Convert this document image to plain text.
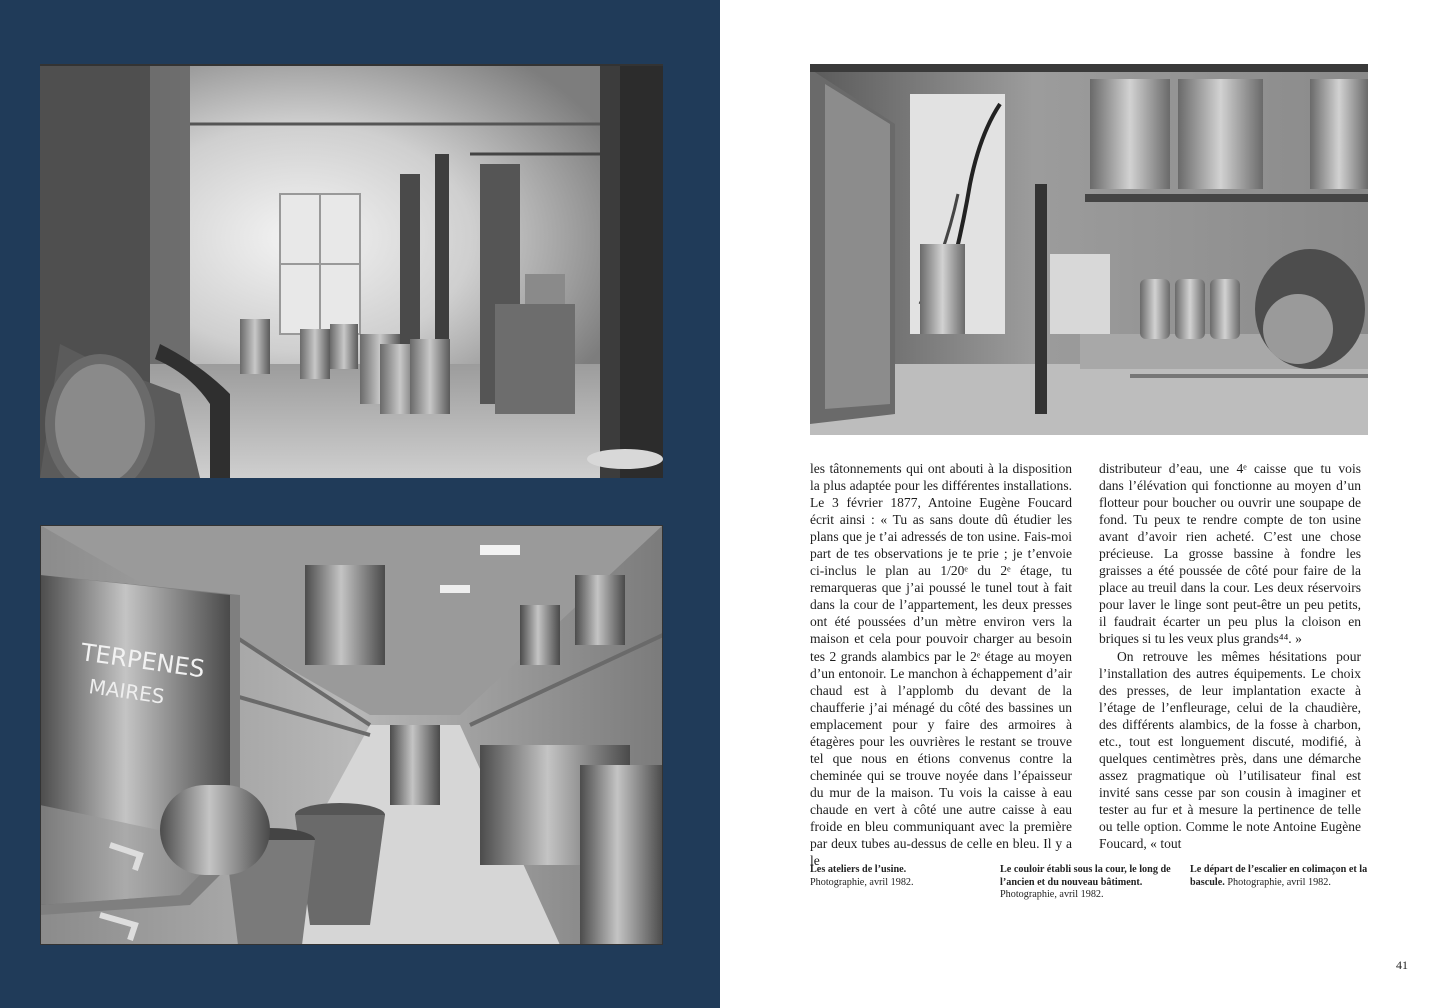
TERPENES
MAIRES

les tâtonnements qui ont abouti à la disposition la plus adaptée pour les différentes installations. Le 3 février 1877, Antoine Eugène Foucard écrit ainsi : « Tu as sans doute dû étudier les plans que je t’ai adressés de ton usine. Fais-moi part de tes observations je te prie ; je t’envoie ci-inclus le plan au 1/20ᵉ du 2ᵉ étage, tu remarqueras que j’ai poussé le tunel tout à fait dans la cour de l’appartement, les deux presses ont été poussées d’un mètre environ vers la maison et cela pour pouvoir charger au besoin tes 2 grands alambics par le 2ᵉ étage au moyen d’un entonoir. Le manchon à échappement d’air chaud est à l’applomb du devant de la chaufferie j’ai ménagé du côté des bassines un emplacement pour y faire des armoires à étagères pour les ouvrières le restant se trouve tel que nous en étions convenus contre la cheminée qui se trouve noyée dans l’épaisseur du mur de la maison. Tu vois la caisse à eau chaude en vert à côté une autre caisse à eau froide en bleu communiquant avec la première par deux tubes au-dessus de celle en bleu. Il y a le

distributeur d’eau, une 4ᵉ caisse que tu vois dans l’élévation qui fonctionne au moyen d’un flotteur pour boucher ou ouvrir une soupape de fond. Tu peux te rendre compte de ton usine avant d’avoir rien acheté. C’est une chose précieuse. La grosse bassine à fondre les graisses a été poussée de côté pour faire de la place au treuil dans la cour. Les deux réservoirs pour laver le linge sont peut-être un peu petits, il faudrait écarter un peu plus la cloison en briques si tu les veux plus grands⁴⁴. »

On retrouve les mêmes hésitations pour l’installation des autres équipements. Le choix des presses, de leur implantation exacte à l’étage de l’enfleurage, celui de la chaudière, des différents alambics, de la fosse à charbon, etc., tout est longuement discuté, modifié, à quelques centimètres près, dans une démarche assez pragmatique où l’utilisateur final est invité sans cesse par son cousin à imaginer et tester au fur et à mesure la pertinence de telle ou telle option. Comme le note Antoine Eugène Foucard, « tout

Les ateliers de l’usine.
Photographie, avril 1982.
Le couloir établi sous la cour, le long de l’ancien et du nouveau bâtiment.
Photographie, avril 1982.
Le départ de l’escalier en colimaçon et la bascule. Photographie, avril 1982.
41
